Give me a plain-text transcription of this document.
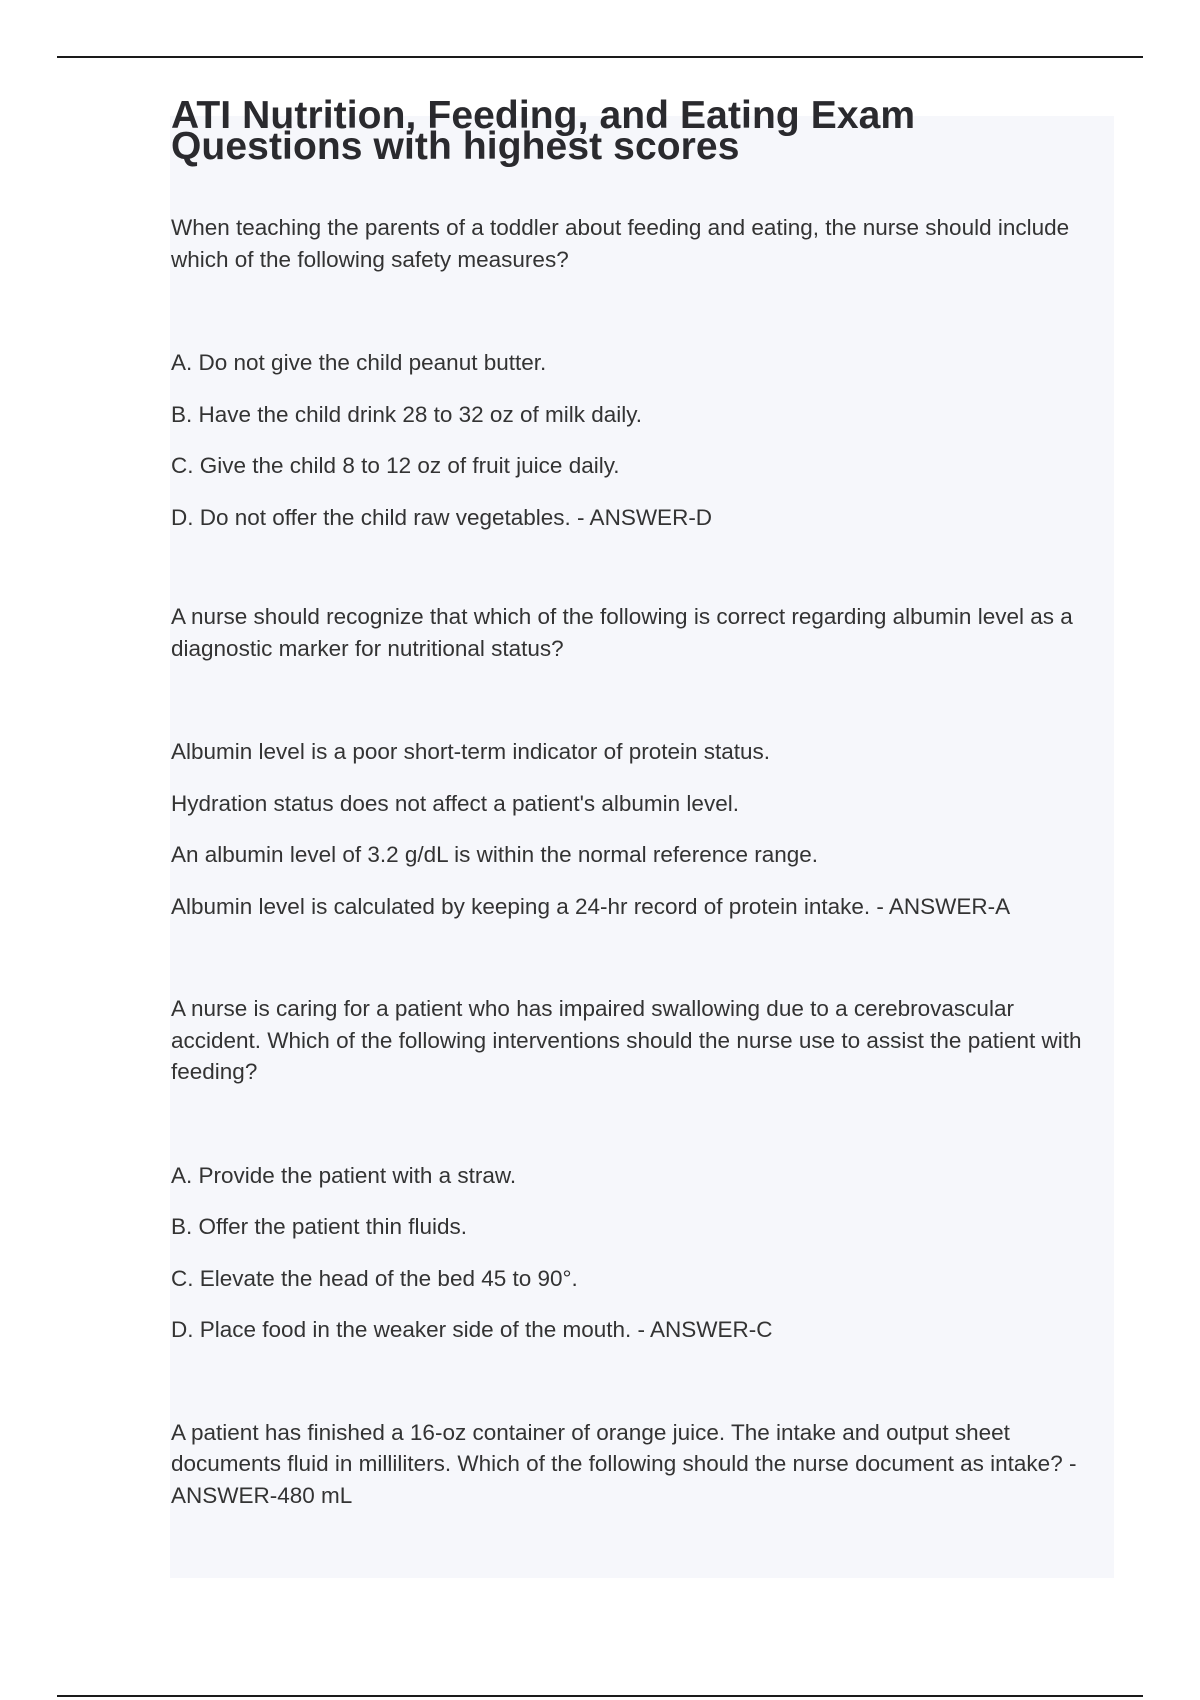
ATI Nutrition, Feeding, and Eating Exam
Questions with highest scores

When teaching the parents of a toddler about feeding and eating, the nurse should include which of the following safety measures?

A. Do not give the child peanut butter.

B. Have the child drink 28 to 32 oz of milk daily.

C. Give the child 8 to 12 oz of fruit juice daily.

D. Do not offer the child raw vegetables. - ANSWER-D

A nurse should recognize that which of the following is correct regarding albumin level as a diagnostic marker for nutritional status?

Albumin level is a poor short-term indicator of protein status.

Hydration status does not affect a patient's albumin level.

An albumin level of 3.2 g/dL is within the normal reference range.

Albumin level is calculated by keeping a 24-hr record of protein intake. - ANSWER-A

A nurse is caring for a patient who has impaired swallowing due to a cerebrovascular accident. Which of the following interventions should the nurse use to assist the patient with feeding?

A. Provide the patient with a straw.

B. Offer the patient thin fluids.

C. Elevate the head of the bed 45 to 90°.

D. Place food in the weaker side of the mouth. - ANSWER-C

A patient has finished a 16-oz container of orange juice. The intake and output sheet documents fluid in milliliters. Which of the following should the nurse document as intake? - ANSWER-480 mL
